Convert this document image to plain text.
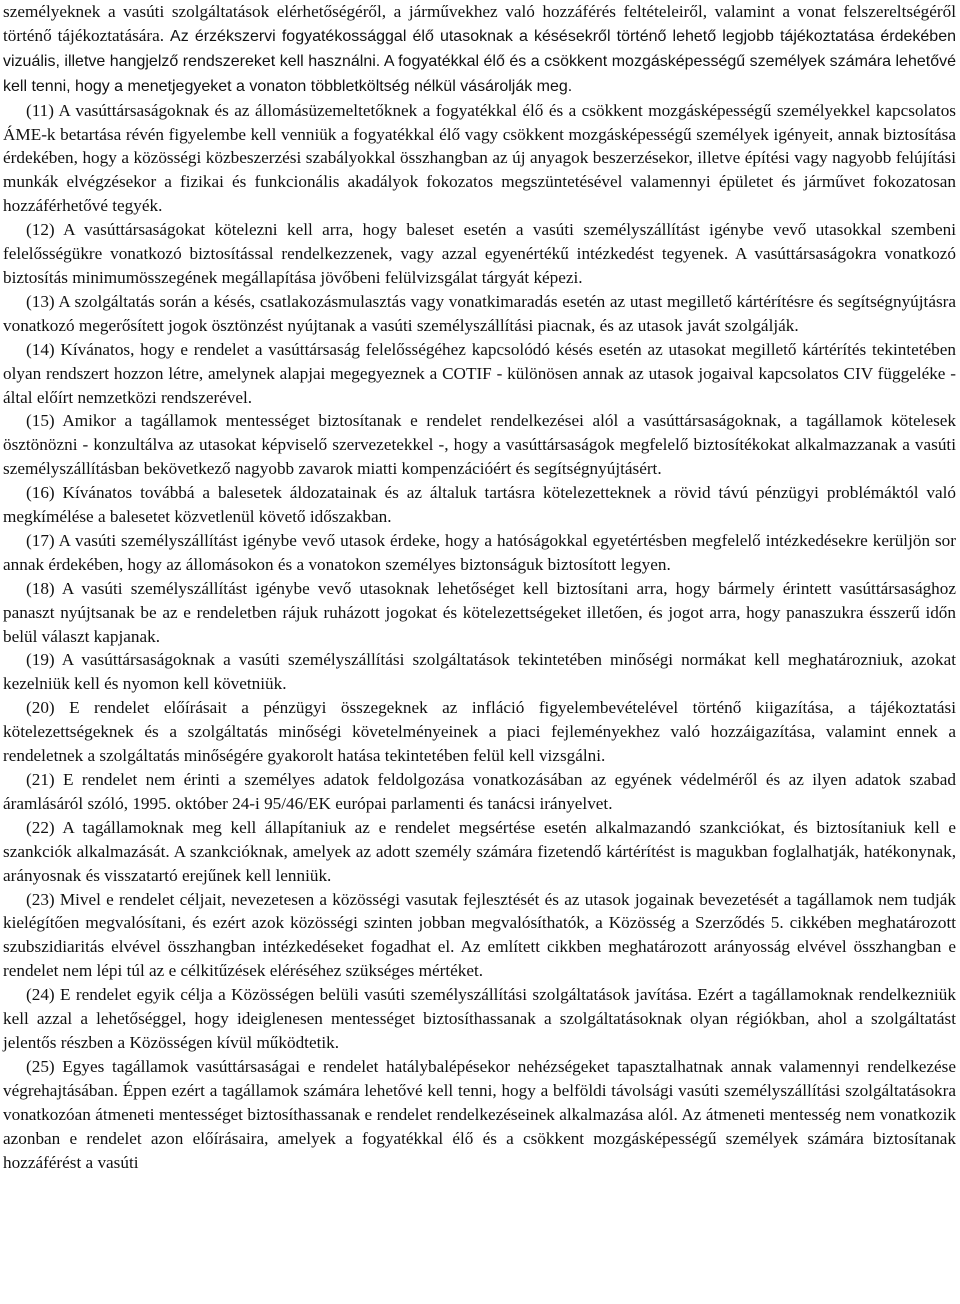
személyeknek a vasúti szolgáltatások elérhetőségéről, a járművekhez való hozzáférés feltételeiről, valamint a vonat felszereltségéről történő tájékoztatására. Az érzékszervi fogyatékossággal élő utasoknak a késésekről történő lehető legjobb tájékoztatása érdekében vizuális, illetve hangjelző rendszereket kell használni. A fogyatékkal élő és a csökkent mozgásképességű személyek számára lehetővé kell tenni, hogy a menetjegyeket a vonaton többletköltség nélkül vásárolják meg.

(11) A vasúttársaságoknak és az állomásüzemeltetőknek a fogyatékkal élő és a csökkent mozgásképességű személyekkel kapcsolatos ÁME-k betartása révén figyelembe kell venniük a fogyatékkal élő vagy csökkent mozgásképességű személyek igényeit, annak biztosítása érdekében, hogy a közösségi közbeszerzési szabályokkal összhangban az új anyagok beszerzésekor, illetve építési vagy nagyobb felújítási munkák elvégzésekor a fizikai és funkcionális akadályok fokozatos megszüntetésével valamennyi épületet és járművet fokozatosan hozzáférhetővé tegyék.

(12) A vasúttársaságokat kötelezni kell arra, hogy baleset esetén a vasúti személyszállítást igénybe vevő utasokkal szembeni felelősségükre vonatkozó biztosítással rendelkezzenek, vagy azzal egyenértékű intézkedést tegyenek. A vasúttársaságokra vonatkozó biztosítás minimumösszegének megállapítása jövőbeni felülvizsgálat tárgyát képezi.

(13) A szolgáltatás során a késés, csatlakozásmulasztás vagy vonatkimaradás esetén az utast megillető kártérítésre és segítségnyújtásra vonatkozó megerősített jogok ösztönzést nyújtanak a vasúti személyszállítási piacnak, és az utasok javát szolgálják.

(14) Kívánatos, hogy e rendelet a vasúttársaság felelősségéhez kapcsolódó késés esetén az utasokat megillető kártérítés tekintetében olyan rendszert hozzon létre, amelynek alapjai megegyeznek a COTIF - különösen annak az utasok jogaival kapcsolatos CIV függeléke - által előírt nemzetközi rendszerével.

(15) Amikor a tagállamok mentességet biztosítanak e rendelet rendelkezései alól a vasúttársaságoknak, a tagállamok kötelesek ösztönözni - konzultálva az utasokat képviselő szervezetekkel -, hogy a vasúttársaságok megfelelő biztosítékokat alkalmazzanak a vasúti személyszállításban bekövetkező nagyobb zavarok miatti kompenzációért és segítségnyújtásért.

(16) Kívánatos továbbá a balesetek áldozatainak és az általuk tartásra kötelezetteknek a rövid távú pénzügyi problémáktól való megkímélése a balesetet közvetlenül követő időszakban.

(17) A vasúti személyszállítást igénybe vevő utasok érdeke, hogy a hatóságokkal egyetértésben megfelelő intézkedésekre kerüljön sor annak érdekében, hogy az állomásokon és a vonatokon személyes biztonságuk biztosított legyen.

(18) A vasúti személyszállítást igénybe vevő utasoknak lehetőséget kell biztosítani arra, hogy bármely érintett vasúttársasághoz panaszt nyújtsanak be az e rendeletben rájuk ruházott jogokat és kötelezettségeket illetően, és jogot arra, hogy panaszukra ésszerű időn belül választ kapjanak.

(19) A vasúttársaságoknak a vasúti személyszállítási szolgáltatások tekintetében minőségi normákat kell meghatározniuk, azokat kezelniük kell és nyomon kell követniük.

(20) E rendelet előírásait a pénzügyi összegeknek az infláció figyelembevételével történő kiigazítása, a tájékoztatási kötelezettségeknek és a szolgáltatás minőségi követelményeinek a piaci fejleményekhez való hozzáigazítása, valamint ennek a rendeletnek a szolgáltatás minőségére gyakorolt hatása tekintetében felül kell vizsgálni.

(21) E rendelet nem érinti a személyes adatok feldolgozása vonatkozásában az egyének védelméről és az ilyen adatok szabad áramlásáról szóló, 1995. október 24-i 95/46/EK európai parlamenti és tanácsi irányelvet.

(22) A tagállamoknak meg kell állapítaniuk az e rendelet megsértése esetén alkalmazandó szankciókat, és biztosítaniuk kell e szankciók alkalmazását. A szankcióknak, amelyek az adott személy számára fizetendő kártérítést is magukban foglalhatják, hatékonynak, arányosnak és visszatartó erejűnek kell lenniük.

(23) Mivel e rendelet céljait, nevezetesen a közösségi vasutak fejlesztését és az utasok jogainak bevezetését a tagállamok nem tudják kielégítően megvalósítani, és ezért azok közösségi szinten jobban megvalósíthatók, a Közösség a Szerződés 5. cikkében meghatározott szubszidiaritás elvével összhangban intézkedéseket fogadhat el. Az említett cikkben meghatározott arányosság elvével összhangban e rendelet nem lépi túl az e célkitűzések eléréséhez szükséges mértéket.

(24) E rendelet egyik célja a Közösségen belüli vasúti személyszállítási szolgáltatások javítása. Ezért a tagállamoknak rendelkezniük kell azzal a lehetőséggel, hogy ideiglenesen mentességet biztosíthassanak a szolgáltatásoknak olyan régiókban, ahol a szolgáltatást jelentős részben a Közösségen kívül működtetik.

(25) Egyes tagállamok vasúttársaságai e rendelet hatálybalépésekor nehézségeket tapasztalhatnak annak valamennyi rendelkezése végrehajtásában. Éppen ezért a tagállamok számára lehetővé kell tenni, hogy a belföldi távolsági vasúti személyszállítási szolgáltatásokra vonatkozóan átmeneti mentességet biztosíthassanak e rendelet rendelkezéseinek alkalmazása alól. Az átmeneti mentesség nem vonatkozik azonban e rendelet azon előírásaira, amelyek a fogyatékkal élő és a csökkent mozgásképességű személyek számára biztosítanak hozzáférést a vasúti
